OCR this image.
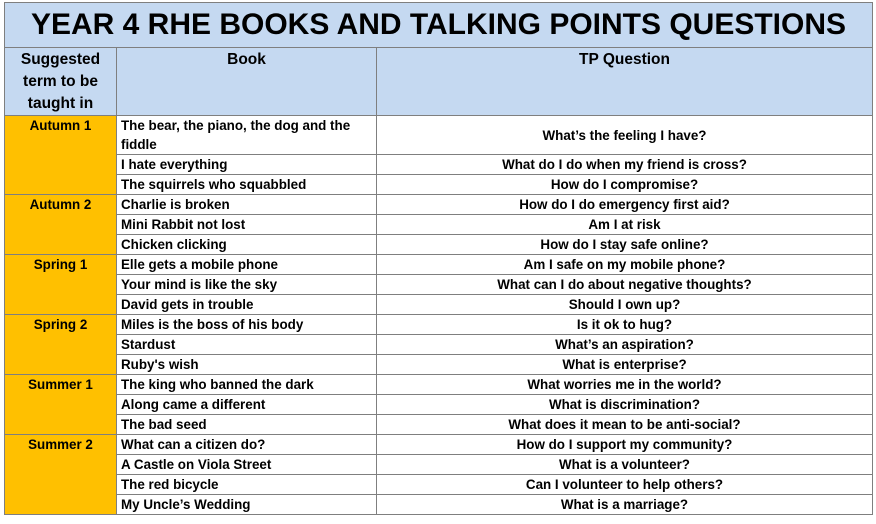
YEAR 4 RHE BOOKS AND TALKING POINTS QUESTIONS		
Suggested term to be taught in	Book	TP Question
Autumn 1	The bear, the piano, the dog and the fiddle	What’s the feeling I have?
	I hate everything	What do I do when my friend is cross?
	The squirrels who squabbled	How do I compromise?
Autumn 2	Charlie is broken	How do I do emergency first aid?
	Mini Rabbit not lost	Am I at risk
	Chicken clicking	How do I stay safe online?
Spring 1	Elle gets a mobile phone	Am I safe on my mobile phone?
	Your mind is like the sky	What can I do about negative thoughts?
	David gets in trouble	Should I own up?
Spring 2	Miles is the boss of his body	Is it ok to hug?
	Stardust	What’s an aspiration?
	Ruby's wish	What is enterprise?
Summer 1	The king who banned the dark	What worries me in the world?
	Along came a different	What is discrimination?
	The bad seed	What does it mean to be anti-social?
Summer 2	What can a citizen do?	How do I support my community?
	A Castle on Viola Street	What is a volunteer?
	The red bicycle	Can I volunteer to help others?
	My Uncle’s Wedding	What is a marriage?
